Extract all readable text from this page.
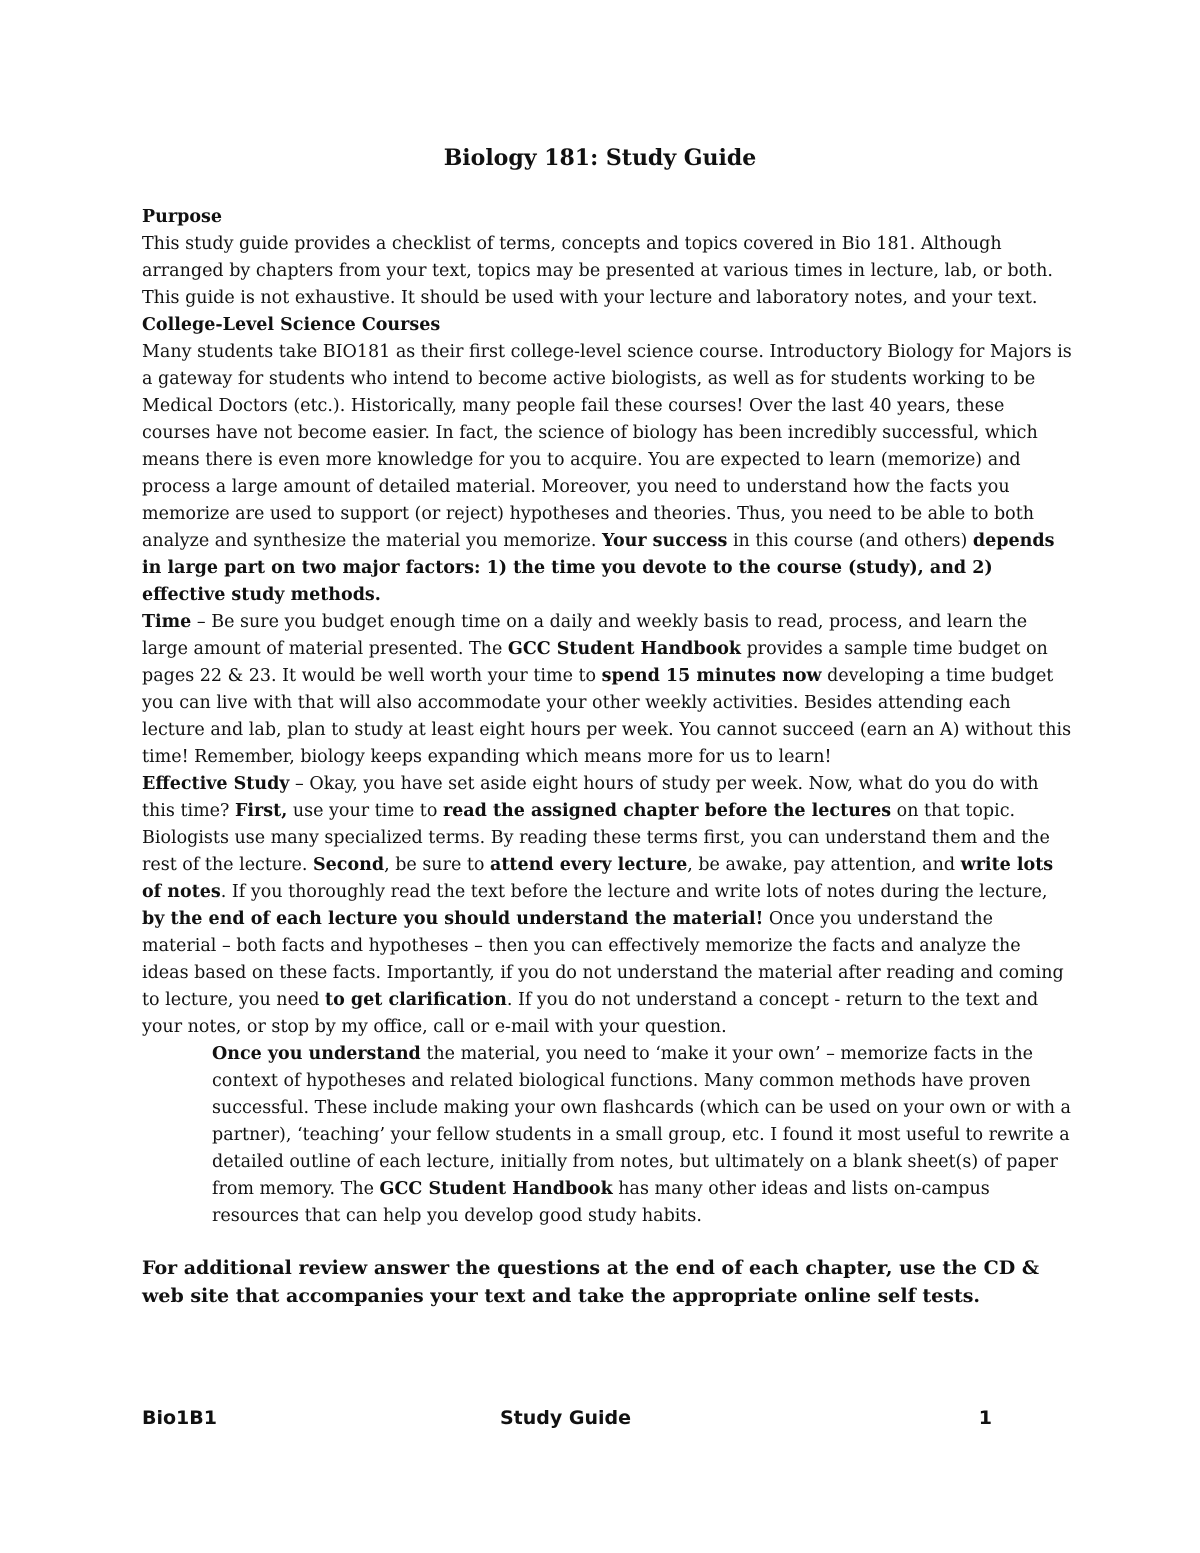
Biology 181: Study Guide

Purpose
This study guide provides a checklist of terms, concepts and topics covered in Bio 181. Although arranged by chapters from your text, topics may be presented at various times in lecture, lab, or both. This guide is not exhaustive. It should be used with your lecture and laboratory notes, and your text.

College-Level Science Courses
Many students take BIO181 as their first college-level science course. Introductory Biology for Majors is a gateway for students who intend to become active biologists, as well as for students working to be Medical Doctors (etc.). Historically, many people fail these courses! Over the last 40 years, these courses have not become easier. In fact, the science of biology has been incredibly successful, which means there is even more knowledge for you to acquire. You are expected to learn (memorize) and process a large amount of detailed material. Moreover, you need to understand how the facts you memorize are used to support (or reject) hypotheses and theories. Thus, you need to be able to both analyze and synthesize the material you memorize. Your success in this course (and others) depends in large part on two major factors: 1) the time you devote to the course (study), and 2) effective study methods.

Time – Be sure you budget enough time on a daily and weekly basis to read, process, and learn the large amount of material presented. The GCC Student Handbook provides a sample time budget on pages 22 & 23. It would be well worth your time to spend 15 minutes now developing a time budget you can live with that will also accommodate your other weekly activities. Besides attending each lecture and lab, plan to study at least eight hours per week. You cannot succeed (earn an A) without this time! Remember, biology keeps expanding which means more for us to learn!

Effective Study – Okay, you have set aside eight hours of study per week. Now, what do you do with this time? First, use your time to read the assigned chapter before the lectures on that topic. Biologists use many specialized terms. By reading these terms first, you can understand them and the rest of the lecture. Second, be sure to attend every lecture, be awake, pay attention, and write lots of notes. If you thoroughly read the text before the lecture and write lots of notes during the lecture, by the end of each lecture you should understand the material! Once you understand the material – both facts and hypotheses – then you can effectively memorize the facts and analyze the ideas based on these facts. Importantly, if you do not understand the material after reading and coming to lecture, you need to get clarification. If you do not understand a concept - return to the text and your notes, or stop by my office, call or e-mail with your question.

Once you understand the material, you need to ‘make it your own’ – memorize facts in the context of hypotheses and related biological functions. Many common methods have proven successful. These include making your own flashcards (which can be used on your own or with a partner), ‘teaching’ your fellow students in a small group, etc. I found it most useful to rewrite a detailed outline of each lecture, initially from notes, but ultimately on a blank sheet(s) of paper from memory. The GCC Student Handbook has many other ideas and lists on-campus resources that can help you develop good study habits.

For additional review answer the questions at the end of each chapter, use the CD & web site that accompanies your text and take the appropriate online self tests.

Bio1B1	Study Guide	1
